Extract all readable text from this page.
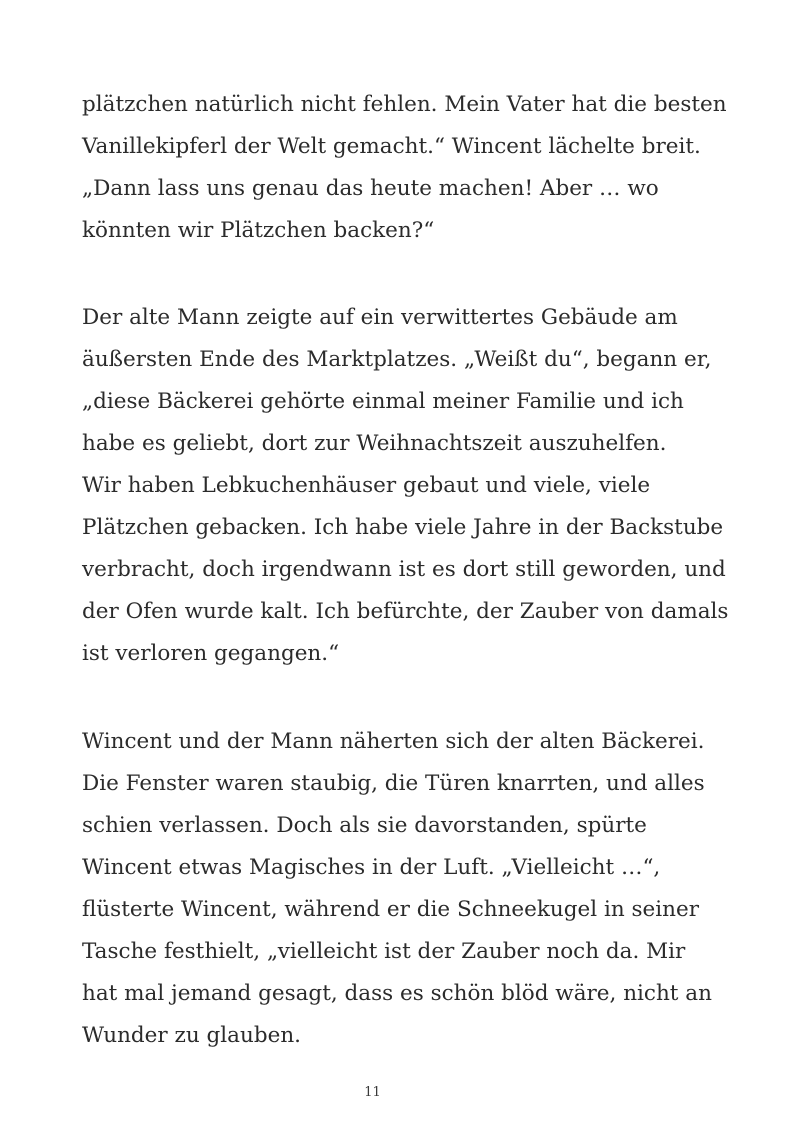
plätzchen natürlich nicht fehlen. Mein Vater hat die besten
Vanillekipferl der Welt gemacht.“ Wincent lächelte breit.
„Dann lass uns genau das heute machen! Aber … wo
könnten wir Plätzchen backen?“

Der alte Mann zeigte auf ein verwittertes Gebäude am
äußersten Ende des Marktplatzes. „Weißt du“, begann er,
„diese Bäckerei gehörte einmal meiner Familie und ich
habe es geliebt, dort zur Weihnachtszeit auszuhelfen.
Wir haben Lebkuchenhäuser gebaut und viele, viele
Plätzchen gebacken. Ich habe viele Jahre in der Backstube
verbracht, doch irgendwann ist es dort still geworden, und
der Ofen wurde kalt. Ich befürchte, der Zauber von damals
ist verloren gegangen.“

Wincent und der Mann näherten sich der alten Bäckerei.
Die Fenster waren staubig, die Türen knarrten, und alles
schien verlassen. Doch als sie davorstanden, spürte
Wincent etwas Magisches in der Luft. „Vielleicht …“,
flüsterte Wincent, während er die Schneekugel in seiner
Tasche festhielt, „vielleicht ist der Zauber noch da. Mir
hat mal jemand gesagt, dass es schön blöd wäre, nicht an
Wunder zu glauben.

11
